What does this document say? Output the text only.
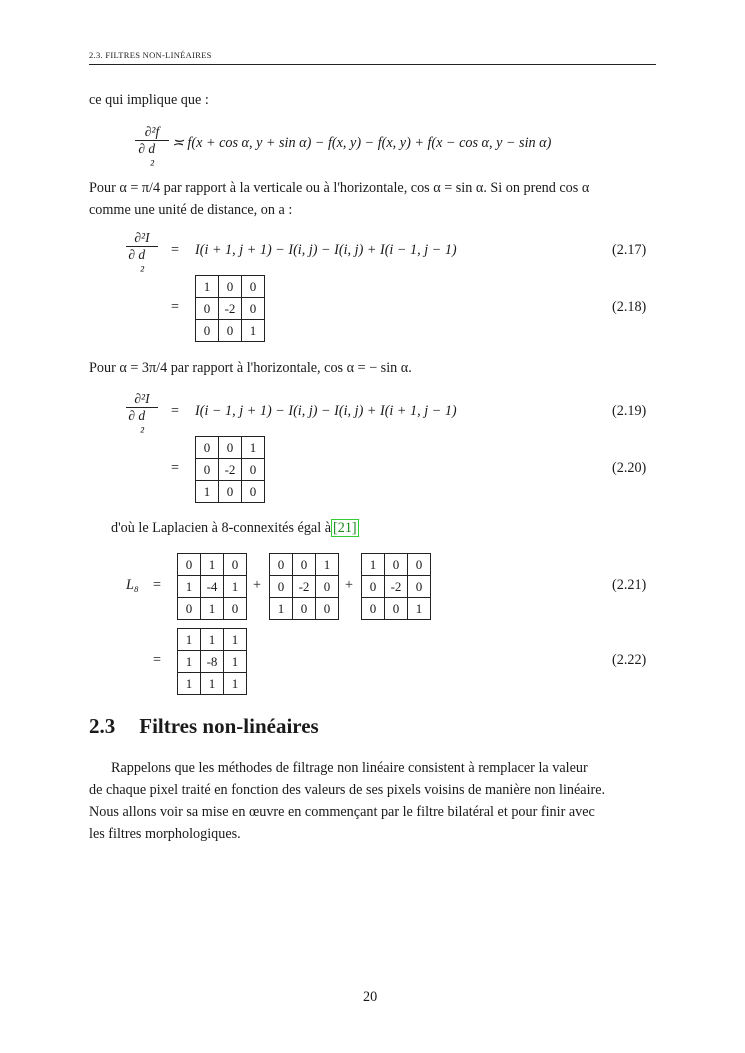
2.3. FILTRES NON-LINÉAIRES
ce qui implique que :
∂²f
∂ d⃗ ²
≍ f(x + cos α, y + sin α) − f(x, y) − f(x, y) + f(x − cos α, y − sin α)
Pour α = π/4 par rapport à la verticale ou à l'horizontale, cos α = sin α. Si on prend cos α
comme une unité de distance, on a :
∂²I
∂ d⃗ ²
= I(i + 1, j + 1) − I(i, j) − I(i, j) + I(i − 1, j − 1)	(2.17)
=
1	0	0
0	-2	0
0	0	1
(2.18)
Pour α = 3π/4 par rapport à l'horizontale, cos α = − sin α.
∂²I
∂ d⃗ ²
= I(i − 1, j + 1) − I(i, j) − I(i, j) + I(i + 1, j − 1)	(2.19)
=
0	0	1
0	-2	0
1	0	0
(2.20)
d'où le Laplacien à 8-connexités égal à [21]
L₈ =
0	1	0
1	-4	1
0	1	0
+
0	0	1
0	-2	0
1	0	0
+
1	0	0
0	-2	0
0	0	1
(2.21)
=
1	1	1
1	-8	1
1	1	1
(2.22)
2.3 Filtres non-linéaires
Rappelons que les méthodes de filtrage non linéaire consistent à remplacer la valeur
de chaque pixel traité en fonction des valeurs de ses pixels voisins de manière non linéaire.
Nous allons voir sa mise en œuvre en commençant par le filtre bilatéral et pour finir avec
les filtres morphologiques.
20
